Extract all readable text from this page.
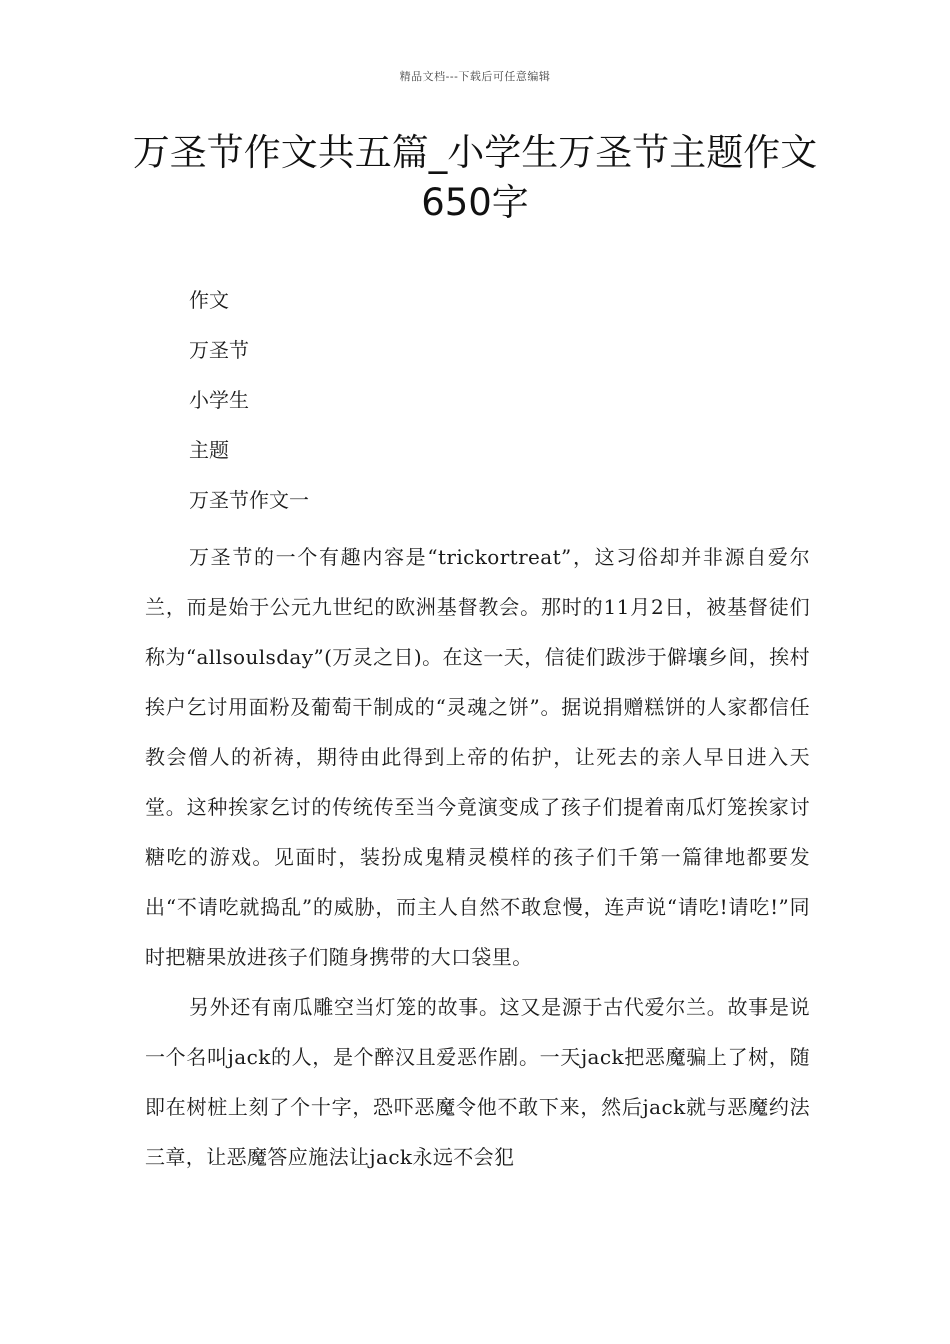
精品文档---下载后可任意编辑
万圣节作文共五篇_小学生万圣节主题作文650字
作文
万圣节
小学生
主题
万圣节作文一

万圣节的一个有趣内容是“trickortreat”，这习俗却并非源自爱尔兰，而是始于公元九世纪的欧洲基督教会。那时的11月2日，被基督徒们称为“allsoulsday”(万灵之日)。在这一天，信徒们跋涉于僻壤乡间，挨村挨户乞讨用面粉及葡萄干制成的“灵魂之饼”。据说捐赠糕饼的人家都信任教会僧人的祈祷，期待由此得到上帝的佑护，让死去的亲人早日进入天堂。这种挨家乞讨的传统传至当今竟演变成了孩子们提着南瓜灯笼挨家讨糖吃的游戏。见面时，装扮成鬼精灵模样的孩子们千第一篇律地都要发出“不请吃就捣乱”的威胁，而主人自然不敢怠慢，连声说“请吃!请吃!”同时把糖果放进孩子们随身携带的大口袋里。

另外还有南瓜雕空当灯笼的故事。这又是源于古代爱尔兰。故事是说一个名叫jack的人，是个醉汉且爱恶作剧。一天jack把恶魔骗上了树，随即在树桩上刻了个十字，恐吓恶魔令他不敢下来，然后jack就与恶魔约法三章，让恶魔答应施法让jack永远不会犯
